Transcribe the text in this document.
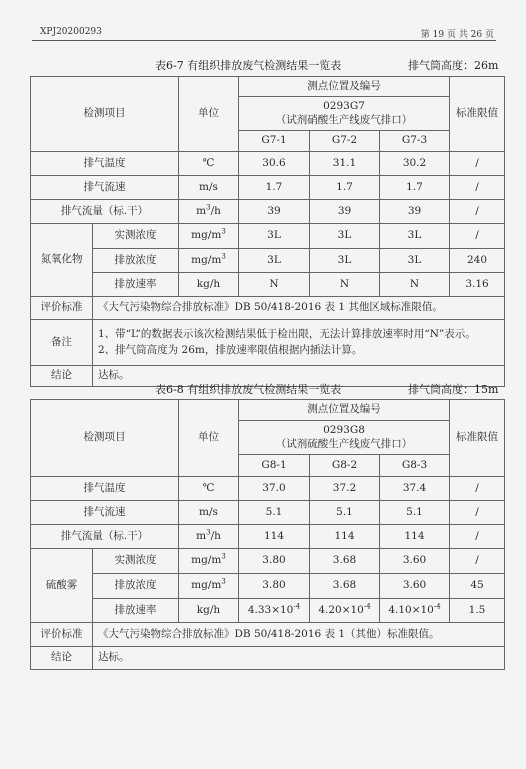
XPJ20200293	第 19 页 共 26 页
表6-7 有组织排放废气检测结果一览表	排气筒高度：26m
检测项目		单位	测点位置及编号			标准限值

			0293G7
（试剂硝酸生产线废气排口）			

			G7-1	G7-2	G7-3	
排气温度		℃	30.6	31.1	30.2	/
排气流速		m/s	1.7	1.7	1.7	/
排气流量（标.干）		$m^3/h$	39	39	39	/
氮氧化物	实测浓度	$mg/m^3$	3L	3L	3L	/
	排放浓度	$mg/m^3$	3L	3L	3L	240
	排放速率	kg/h	N	N	N	3.16
评价标准	《大气污染物综合排放标准》DB 50/418-2016 表 1 其他区域标准限值。					
备注	1、带“L”的数据表示该次检测结果低于检出限，无法计算排放速率时用“N”表示。
2、排气筒高度为 26m，排放速率限值根据内插法计算。					

结论	达标。					
表6-8 有组织排放废气检测结果一览表	排气筒高度：15m
检测项目		单位	测点位置及编号			标准限值

			0293G8
（试剂硫酸生产线废气排口）			

			G8-1	G8-2	G8-3	
排气温度		℃	37.0	37.2	37.4	/
排气流速		m/s	5.1	5.1	5.1	/
排气流量（标.干）		$m^3/h$	114	114	114	/
硫酸雾	实测浓度	$mg/m^3$	3.80	3.68	3.60	/
	排放浓度	$mg/m^3$	3.80	3.68	3.60	45
	排放速率	kg/h	$4.33\times 10^{-4}$	$4.20\times 10^{-4}$	$4.10\times 10^{-4}$	1.5
评价标准	《大气污染物综合排放标准》DB 50/418-2016 表 1（其他）标准限值。					
结论	达标。					
